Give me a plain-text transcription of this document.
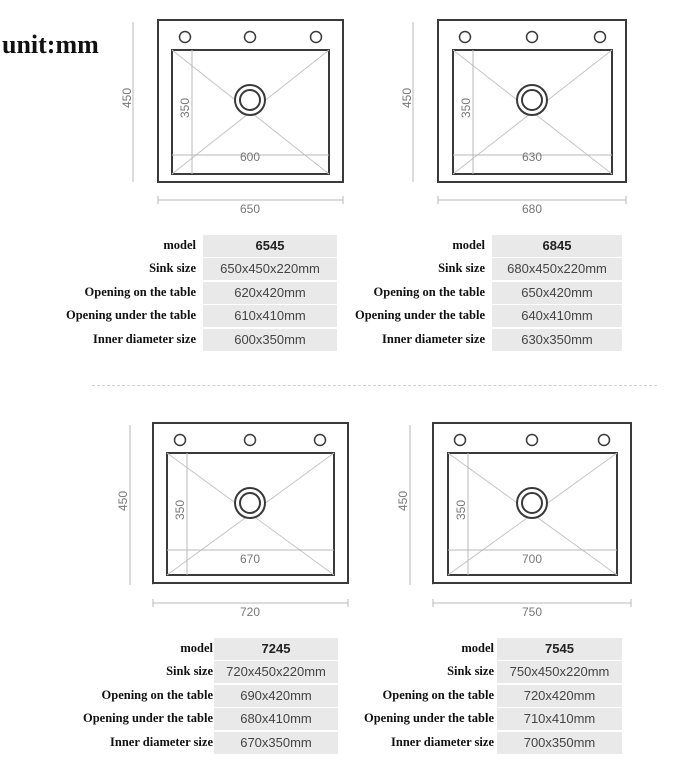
unit:mm
450	350
600
650
450	350
630
680
model	6545
Sink size	650x450x220mm
Opening on the table	620x420mm
Opening under the table	610x410mm
Inner diameter size	600x350mm
model	6845
Sink size	680x450x220mm
Opening on the table	650x420mm
Opening under the table	640x410mm
Inner diameter size	630x350mm
450	350
670
720
450	350
700
750
model	7245
Sink size	720x450x220mm
Opening on the table	690x420mm
Opening under the table	680x410mm
Inner diameter size	670x350mm
model	7545
Sink size	750x450x220mm
Opening on the table	720x420mm
Opening under the table	710x410mm
Inner diameter size	700x350mm
